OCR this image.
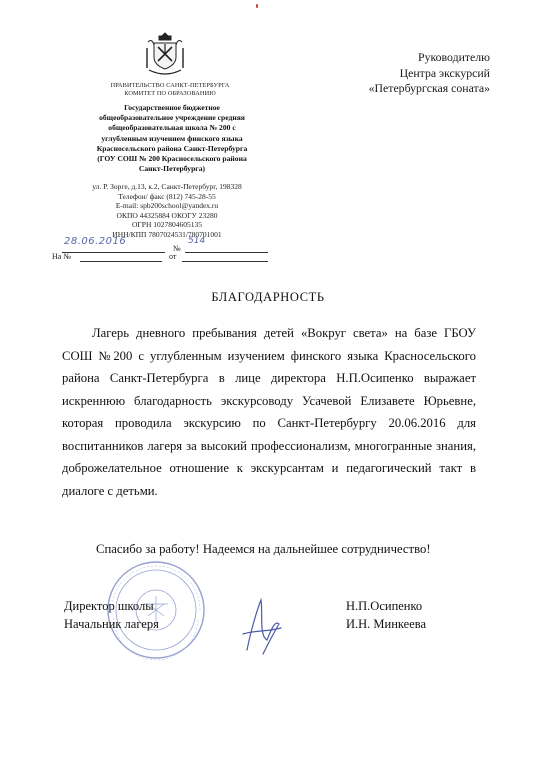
ПРАВИТЕЛЬСТВО САНКТ-ПЕТЕРБУРГА
КОМИТЕТ ПО ОБРАЗОВАНИЮ
Государственное бюджетное
общеобразовательное учреждение средняя
общеобразовательная школа № 200 с
углубленным изучением финского языка
Красносельского района Санкт-Петербурга
(ГОУ СОШ № 200 Красносельского района
Санкт-Петербурга)
ул. Р. Зорге, д.13, к.2, Санкт-Петербург, 198328
Телефон/ факс (812) 745-28-55
E-mail: spb200school@yandex.ru
ОКПО 44325884 ОКОГУ 23280
ОГРН 1027804605135
ИНН/КПП 7807024531/780701001
28.06.2016
№
514
На №	от
Руководителю
Центра экскурсий
«Петербургская соната»
БЛАГОДАРНОСТЬ
Лагерь дневного пребывания детей «Вокруг света» на базе ГБОУ СОШ №200 с углубленным изучением финского языка Красносельского района Санкт-Петербурга в лице директора Н.П.Осипенко выражает искреннюю благодарность экскурсоводу Усачевой Елизавете Юрьевне, которая проводила экскурсию по Санкт-Петербургу 20.06.2016 для воспитанников лагеря за высокий профессионализм, многогранные знания, доброжелательное отношение к экскурсантам и педагогический такт в диалоге с детьми.
Спасибо за работу! Надеемся на дальнейшее сотрудничество!
Директор школы
Начальник лагеря
Н.П.Осипенко
И.Н. Минкеева
